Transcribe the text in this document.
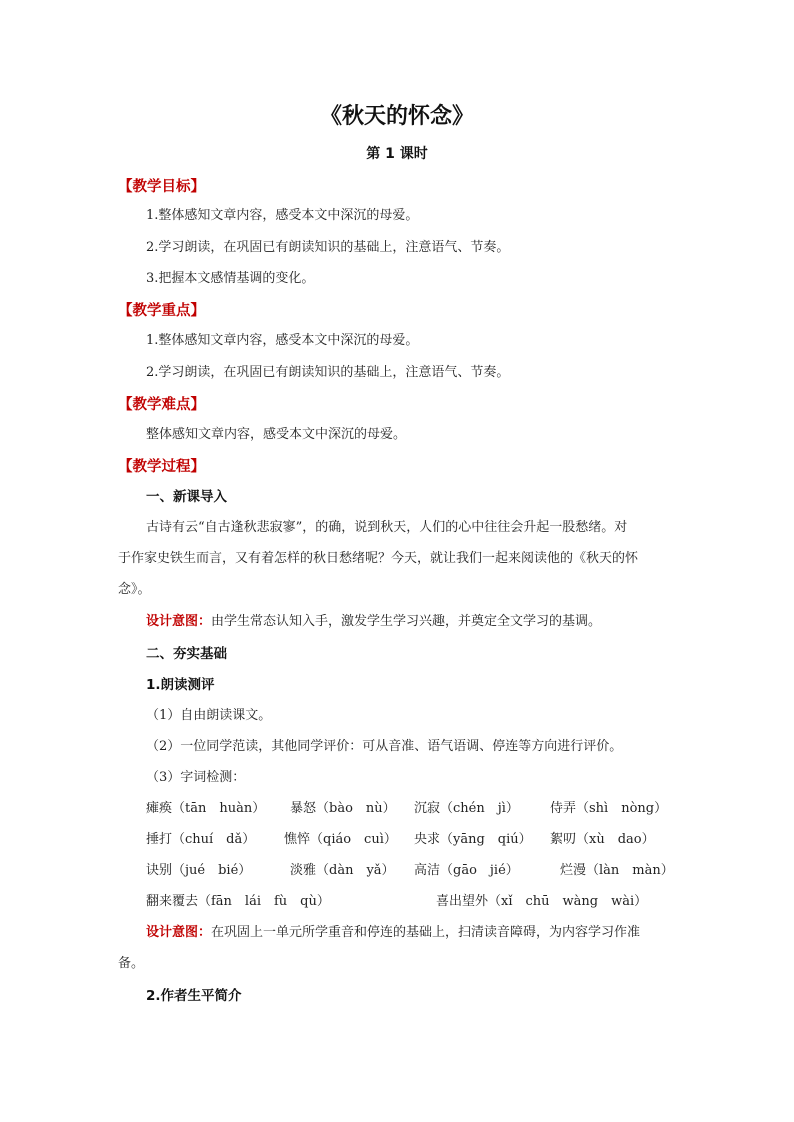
《秋天的怀念》
第 1 课时
【教学目标】
1.整体感知文章内容，感受本文中深沉的母爱。
2.学习朗读，在巩固已有朗读知识的基础上，注意语气、节奏。
3.把握本文感情基调的变化。
【教学重点】
1.整体感知文章内容，感受本文中深沉的母爱。
2.学习朗读，在巩固已有朗读知识的基础上，注意语气、节奏。
【教学难点】
整体感知文章内容，感受本文中深沉的母爱。
【教学过程】
一、新课导入
古诗有云“自古逢秋悲寂寥”，的确，说到秋天，人们的心中往往会升起一股愁绪。对
于作家史铁生而言，又有着怎样的秋日愁绪呢？今天，就让我们一起来阅读他的《秋天的怀
念》。
设计意图：由学生常态认知入手，激发学生学习兴趣，并奠定全文学习的基调。
二、夯实基础
1.朗读测评
（1）自由朗读课文。
（2）一位同学范读，其他同学评价：可从音准、语气语调、停连等方向进行评价。
（3）字词检测：
瘫痪（tān　huàn） 暴怒（bào　nù） 沉寂（chén　jì） 侍弄（shì　nòng）
捶打（chuí　dǎ） 憔悴（qiáo　cuì） 央求（yāng　qiú） 絮叨（xù　dao）
诀别（jué　bié）	淡雅（dàn　yǎ） 高洁（gāo　jié）	烂漫（làn　màn）
翻来覆去（fān　lái　fù　qù）	喜出望外（xǐ　chū　wàng　wài）
设计意图：在巩固上一单元所学重音和停连的基础上，扫清读音障碍，为内容学习作准
备。
2.作者生平简介
